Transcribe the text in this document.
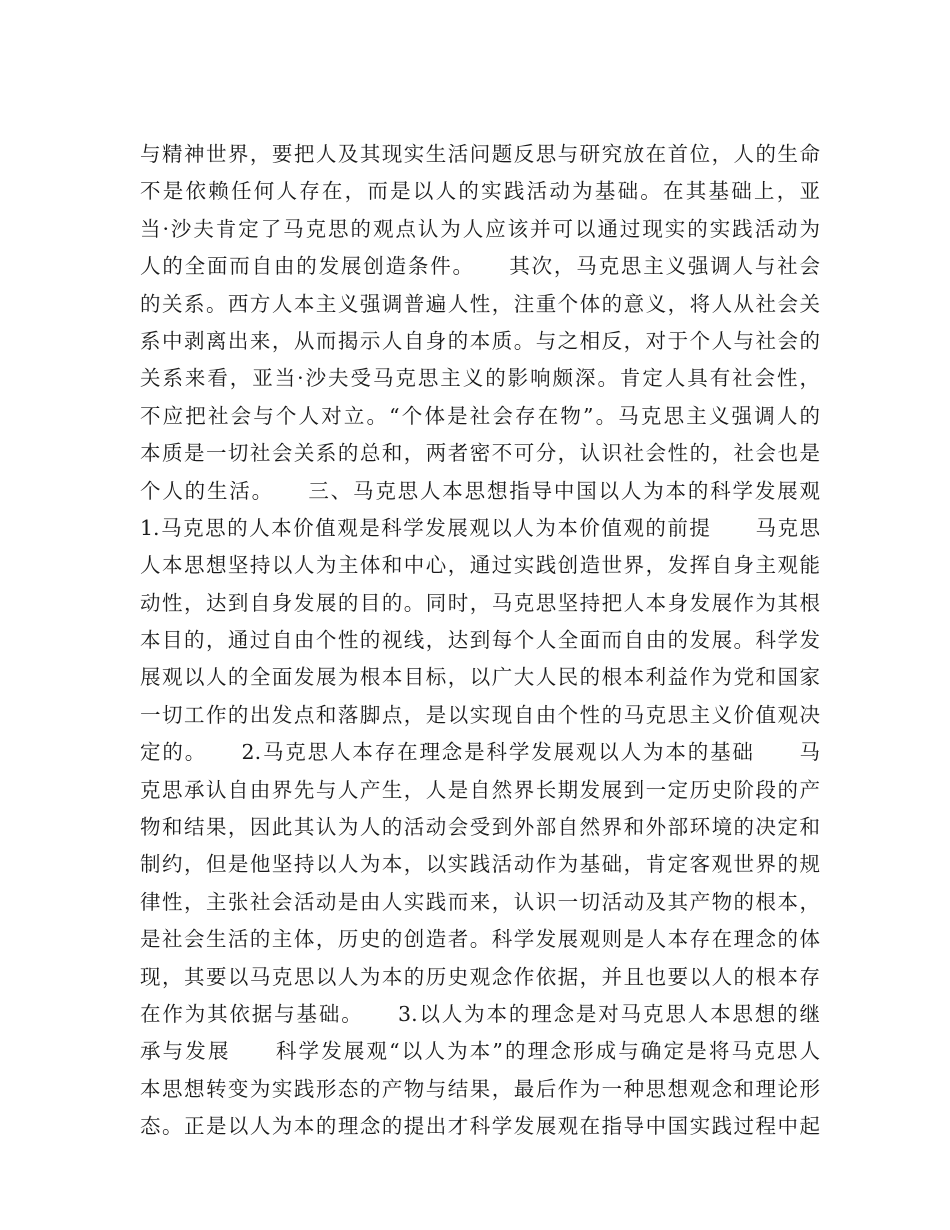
与精神世界，要把人及其现实生活问题反思与研究放在首位，人的生命
不是依赖任何人存在，而是以人的实践活动为基础。在其基础上，亚
当·沙夫肯定了马克思的观点认为人应该并可以通过现实的实践活动为
人的全面而自由的发展创造条件。　　其次，马克思主义强调人与社会
的关系。西方人本主义强调普遍人性，注重个体的意义，将人从社会关
系中剥离出来，从而揭示人自身的本质。与之相反，对于个人与社会的
关系来看，亚当·沙夫受马克思主义的影响颇深。肯定人具有社会性，
不应把社会与个人对立。“个体是社会存在物”。马克思主义强调人的
本质是一切社会关系的总和，两者密不可分，认识社会性的，社会也是
个人的生活。　　三、马克思人本思想指导中国以人为本的科学发展观
1.马克思的人本价值观是科学发展观以人为本价值观的前提　　马克思
人本思想坚持以人为主体和中心，通过实践创造世界，发挥自身主观能
动性，达到自身发展的目的。同时，马克思坚持把人本身发展作为其根
本目的，通过自由个性的视线，达到每个人全面而自由的发展。科学发
展观以人的全面发展为根本目标，以广大人民的根本利益作为党和国家
一切工作的出发点和落脚点，是以实现自由个性的马克思主义价值观决
定的。　　2.马克思人本存在理念是科学发展观以人为本的基础　　马
克思承认自由界先与人产生，人是自然界长期发展到一定历史阶段的产
物和结果，因此其认为人的活动会受到外部自然界和外部环境的决定和
制约，但是他坚持以人为本，以实践活动作为基础，肯定客观世界的规
律性，主张社会活动是由人实践而来，认识一切活动及其产物的根本，
是社会生活的主体，历史的创造者。科学发展观则是人本存在理念的体
现，其要以马克思以人为本的历史观念作依据，并且也要以人的根本存
在作为其依据与基础。　　3.以人为本的理念是对马克思人本思想的继
承与发展　　科学发展观“以人为本”的理念形成与确定是将马克思人
本思想转变为实践形态的产物与结果，最后作为一种思想观念和理论形
态。正是以人为本的理念的提出才科学发展观在指导中国实践过程中起
